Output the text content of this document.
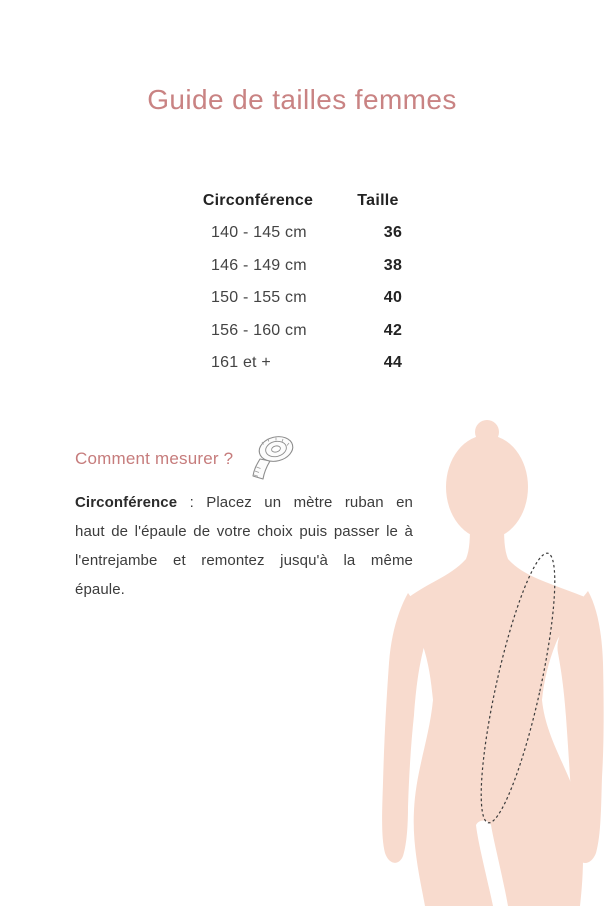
Guide de tailles femmes
Circonférence	Taille
140 - 145 cm	36
146 - 149 cm	38
150 - 155 cm	40
156 - 160 cm	42
161 et +	44
Comment mesurer ?
Circonférence : Placez un mètre ruban en
haut de l'épaule de votre choix puis passer le à
l'entrejambe et remontez jusqu'à la même
épaule.
